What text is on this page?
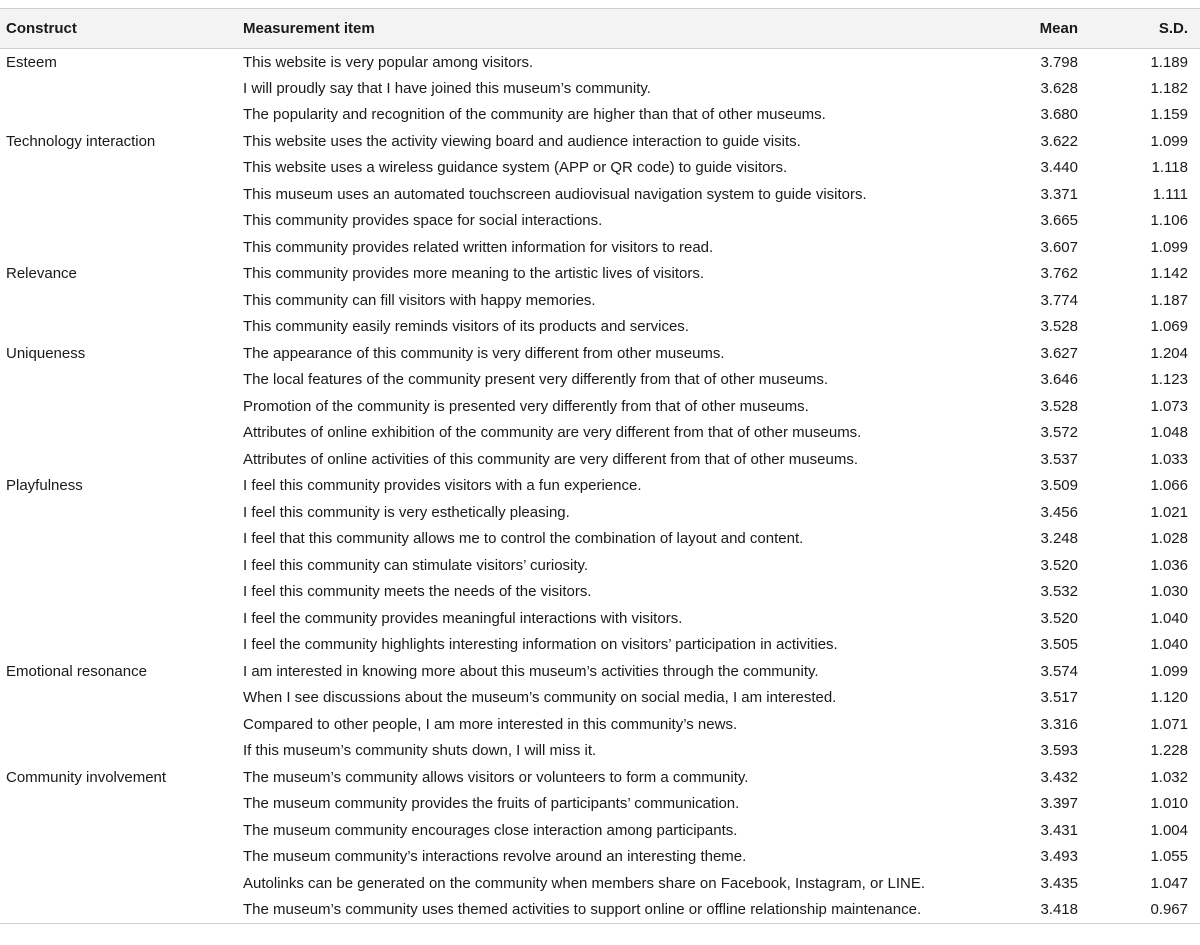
Construct	Measurement item	Mean	S.D.
Esteem	This website is very popular among visitors.	3.798	1.189
	I will proudly say that I have joined this museum’s community.	3.628	1.182
	The popularity and recognition of the community are higher than that of other museums.	3.680	1.159
Technology interaction	This website uses the activity viewing board and audience interaction to guide visits.	3.622	1.099
	This website uses a wireless guidance system (APP or QR code) to guide visitors.	3.440	1.118
	This museum uses an automated touchscreen audiovisual navigation system to guide visitors.	3.371	1.111
	This community provides space for social interactions.	3.665	1.106
	This community provides related written information for visitors to read.	3.607	1.099
Relevance	This community provides more meaning to the artistic lives of visitors.	3.762	1.142
	This community can fill visitors with happy memories.	3.774	1.187
	This community easily reminds visitors of its products and services.	3.528	1.069
Uniqueness	The appearance of this community is very different from other museums.	3.627	1.204
	The local features of the community present very differently from that of other museums.	3.646	1.123
	Promotion of the community is presented very differently from that of other museums.	3.528	1.073
	Attributes of online exhibition of the community are very different from that of other museums.	3.572	1.048
	Attributes of online activities of this community are very different from that of other museums.	3.537	1.033
Playfulness	I feel this community provides visitors with a fun experience.	3.509	1.066
	I feel this community is very esthetically pleasing.	3.456	1.021
	I feel that this community allows me to control the combination of layout and content.	3.248	1.028
	I feel this community can stimulate visitors’ curiosity.	3.520	1.036
	I feel this community meets the needs of the visitors.	3.532	1.030
	I feel the community provides meaningful interactions with visitors.	3.520	1.040
	I feel the community highlights interesting information on visitors’ participation in activities.	3.505	1.040
Emotional resonance	I am interested in knowing more about this museum’s activities through the community.	3.574	1.099
	When I see discussions about the museum’s community on social media, I am interested.	3.517	1.120
	Compared to other people, I am more interested in this community’s news.	3.316	1.071
	If this museum’s community shuts down, I will miss it.	3.593	1.228
Community involvement	The museum’s community allows visitors or volunteers to form a community.	3.432	1.032
	The museum community provides the fruits of participants’ communication.	3.397	1.010
	The museum community encourages close interaction among participants.	3.431	1.004
	The museum community’s interactions revolve around an interesting theme.	3.493	1.055
	Autolinks can be generated on the community when members share on Facebook, Instagram, or LINE.	3.435	1.047
	The museum’s community uses themed activities to support online or offline relationship maintenance.	3.418	0.967
